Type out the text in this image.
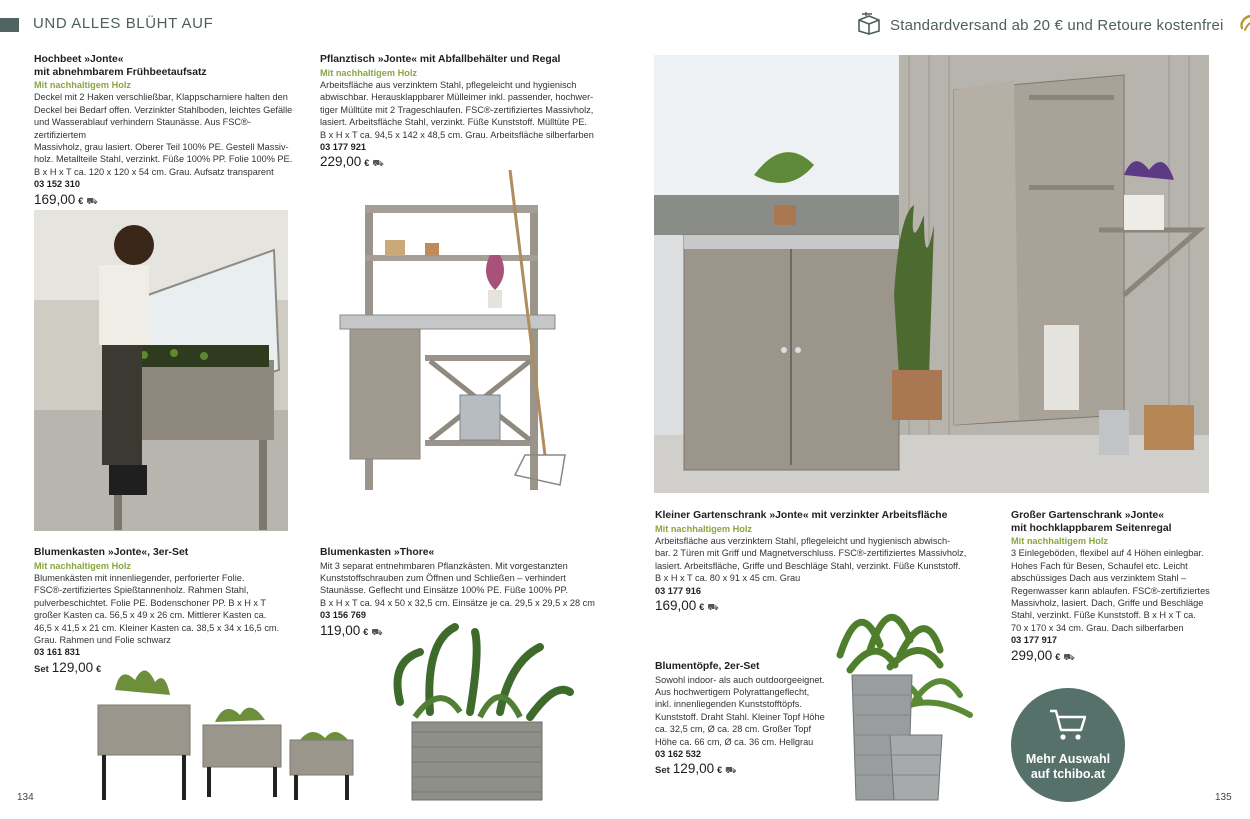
UND ALLES BLÜHT AUF	Standardversand ab 20 € und Retoure kostenfrei
Hochbeet »Jonte«
mit abnehmbarem Frühbeetaufsatz
Mit nachhaltigem Holz
Deckel mit 2 Haken verschließbar, Klappscharniere halten den
Deckel bei Bedarf offen. Verzinkter Stahlboden, leichtes Gefälle
und Wasserablauf verhindern Staunässe. Aus FSC®-zertifiziertem
Massivholz, grau lasiert. Oberer Teil 100% PE. Gestell Massiv-
holz. Metallteile Stahl, verzinkt. Füße 100% PP. Folie 100% PE.
B x H x T ca. 120 x 120 x 54 cm. Grau. Aufsatz transparent
03 152 310
169,00 € ⛟
Pflanztisch »Jonte« mit Abfallbehälter und Regal
Mit nachhaltigem Holz
Arbeitsfläche aus verzinktem Stahl, pflegeleicht und hygienisch
abwischbar. Herausklappbarer Mülleimer inkl. passender, hochwer-
tiger Mülltüte mit 2 Trageschlaufen. FSC®-zertifiziertes Massivholz,
lasiert. Arbeitsfläche Stahl, verzinkt. Füße Kunststoff. Mülltüte PE.
B x H x T ca. 94,5 x 142 x 48,5 cm. Grau. Arbeitsfläche silberfarben
03 177 921
229,00 € ⛟
Blumenkasten »Jonte«, 3er-Set
Mit nachhaltigem Holz
Blumenkästen mit innenliegender, perforierter Folie.
FSC®-zertifiziertes Spießtannenholz. Rahmen Stahl,
pulverbeschichtet. Folie PE. Bodenschoner PP. B x H x T
großer Kasten ca. 56,5 x 49 x 26 cm. Mittlerer Kasten ca.
46,5 x 41,5 x 21 cm. Kleiner Kasten ca. 38,5 x 34 x 16,5 cm.
Grau. Rahmen und Folie schwarz
03 161 831
Set 129,00 €
Blumenkasten »Thore«
Mit 3 separat entnehmbaren Pflanzkästen. Mit vorgestanzten
Kunststoffschrauben zum Öffnen und Schließen – verhindert
Staunässe. Geflecht und Einsätze 100% PE. Füße 100% PP.
B x H x T ca. 94 x 50 x 32,5 cm. Einsätze je ca. 29,5 x 29,5 x 28 cm
03 156 769
119,00 € ⛟
Kleiner Gartenschrank »Jonte« mit verzinkter Arbeitsfläche
Mit nachhaltigem Holz
Arbeitsfläche aus verzinktem Stahl, pflegeleicht und hygienisch abwisch-
bar. 2 Türen mit Griff und Magnetverschluss. FSC®-zertifiziertes Massivholz,
lasiert. Arbeitsfläche, Griffe und Beschläge Stahl, verzinkt. Füße Kunststoff.
B x H x T ca. 80 x 91 x 45 cm. Grau
03 177 916
169,00 € ⛟
Großer Gartenschrank »Jonte«
mit hochklappbarem Seitenregal
Mit nachhaltigem Holz
3 Einlegeböden, flexibel auf 4 Höhen einlegbar.
Hohes Fach für Besen, Schaufel etc. Leicht
abschüssiges Dach aus verzinktem Stahl –
Regenwasser kann ablaufen. FSC®-zertifiziertes
Massivholz, lasiert. Dach, Griffe und Beschläge
Stahl, verzinkt. Füße Kunststoff. B x H x T ca.
70 x 170 x 34 cm. Grau. Dach silberfarben
03 177 917
299,00 € ⛟
Blumentöpfe, 2er-Set
Sowohl indoor- als auch outdoorgeeignet.
Aus hochwertigem Polyrattangeflecht,
inkl. innenliegenden Kunststofftöpfs.
Kunststoff. Draht Stahl. Kleiner Topf Höhe
ca. 32,5 cm, Ø ca. 28 cm. Großer Topf
Höhe ca. 66 cm, Ø ca. 36 cm. Hellgrau
03 162 532
Set 129,00 € ⛟
Mehr Auswahl
auf tchibo.at
134	135
